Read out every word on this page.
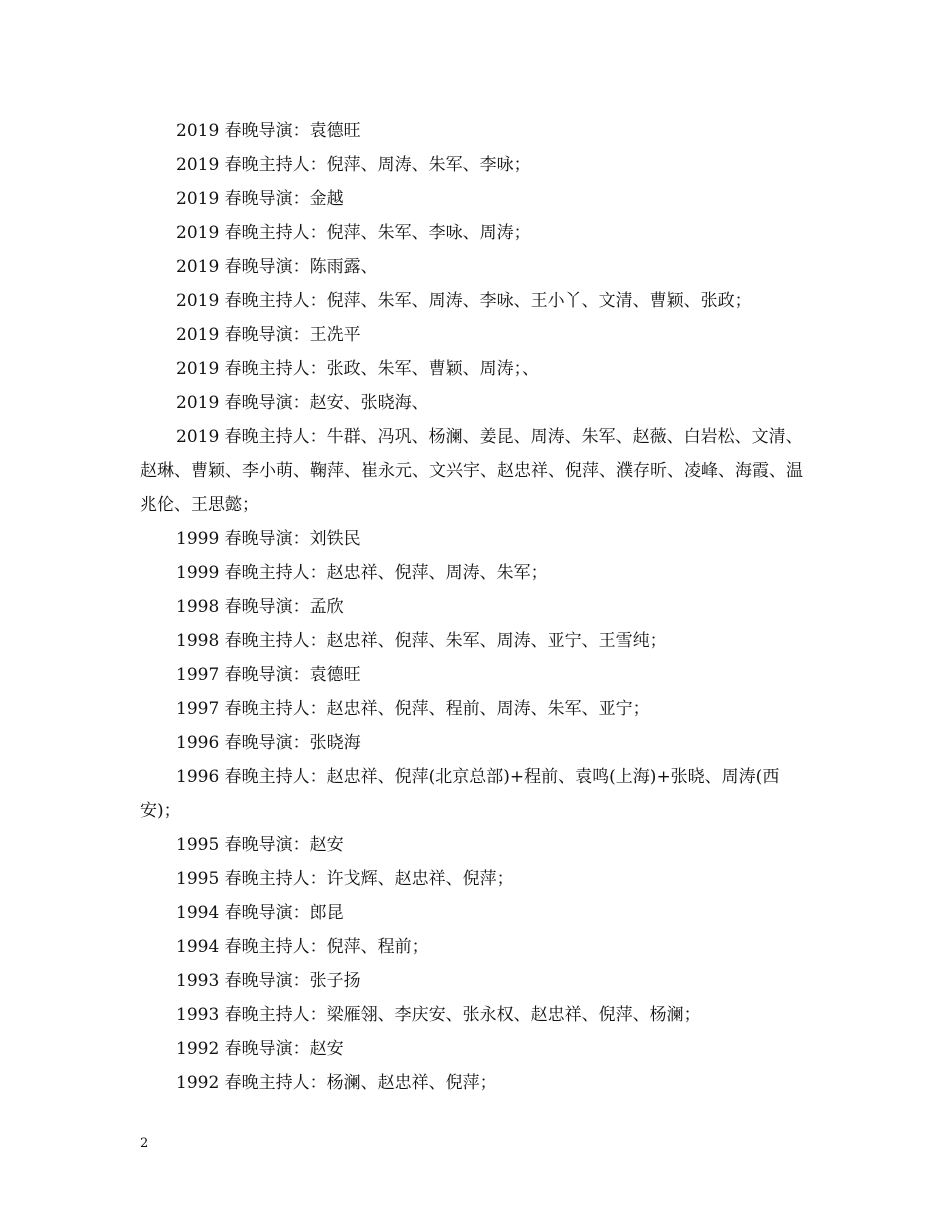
2019 春晚导演：袁德旺

2019 春晚主持人：倪萍、周涛、朱军、李咏；

2019 春晚导演：金越

2019 春晚主持人：倪萍、朱军、李咏、周涛；

2019 春晚导演：陈雨露、

2019 春晚主持人：倪萍、朱军、周涛、李咏、王小丫、文清、曹颖、张政；

2019 春晚导演：王冼平

2019 春晚主持人：张政、朱军、曹颖、周涛；、

2019 春晚导演：赵安、张晓海、

2019 春晚主持人：牛群、冯巩、杨澜、姜昆、周涛、朱军、赵薇、白岩松、文清、赵琳、曹颖、李小萌、鞠萍、崔永元、文兴宇、赵忠祥、倪萍、濮存昕、凌峰、海霞、温兆伦、王思懿；

1999 春晚导演：刘铁民

1999 春晚主持人：赵忠祥、倪萍、周涛、朱军；

1998 春晚导演：孟欣

1998 春晚主持人：赵忠祥、倪萍、朱军、周涛、亚宁、王雪纯；

1997 春晚导演：袁德旺

1997 春晚主持人：赵忠祥、倪萍、程前、周涛、朱军、亚宁；

1996 春晚导演：张晓海

1996 春晚主持人：赵忠祥、倪萍(北京总部)+程前、袁鸣(上海)+张晓、周涛(西安)；

1995 春晚导演：赵安

1995 春晚主持人：许戈辉、赵忠祥、倪萍；

1994 春晚导演：郎昆

1994 春晚主持人：倪萍、程前；

1993 春晚导演：张子扬

1993 春晚主持人：梁雁翎、李庆安、张永权、赵忠祥、倪萍、杨澜；

1992 春晚导演：赵安

1992 春晚主持人：杨澜、赵忠祥、倪萍；

2
